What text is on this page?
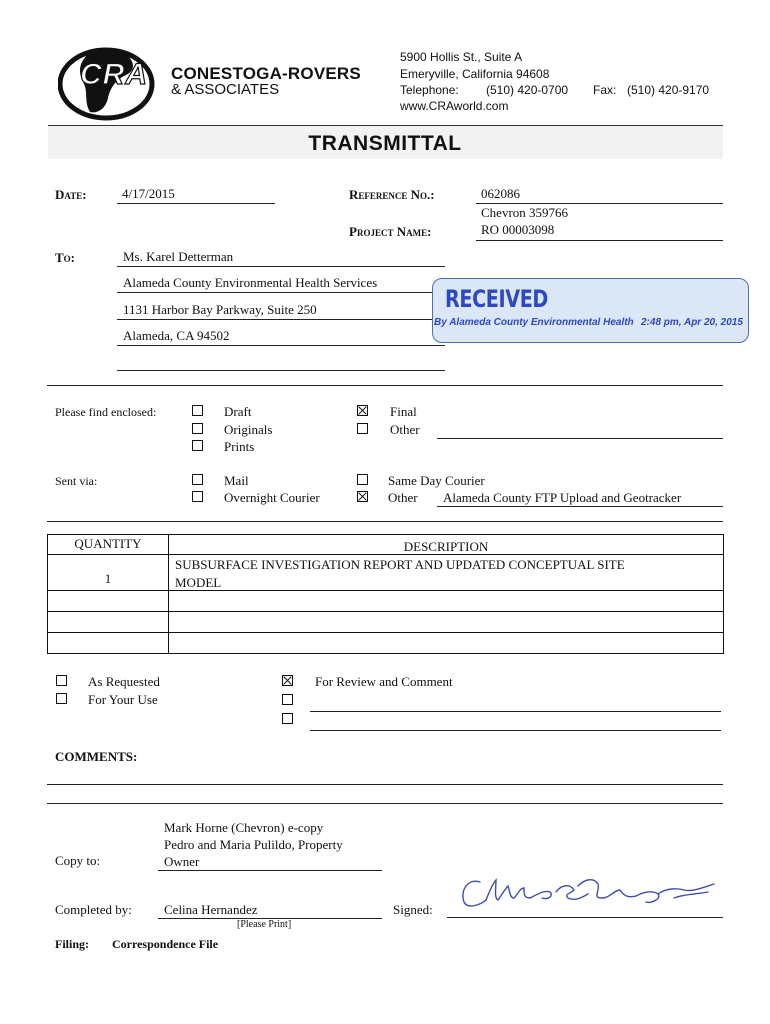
CRA CONESTOGA-ROVERS
& ASSOCIATES
5900 Hollis St., Suite A
Emeryville, California 94608
Telephone: (510) 420-0700 Fax: (510) 420-9170
www.CRAworld.com
TRANSMITTAL
Date:	4/17/2015	Reference No.:	062086
Chevron 359766
Project Name:	RO 00003098
To:	Ms. Karel Detterman
Alameda County Environmental Health Services
1131 Harbor Bay Parkway, Suite 250
Alameda, CA 94502
RECEIVED
By Alameda County Environmental Health 2:48 pm, Apr 20, 2015
Please find enclosed:	Draft
Originals
Prints
Final
Other
Sent via:	Mail
Overnight Courier
Same Day Courier
Other Alameda County FTP Upload and Geotracker
QUANTITY	DESCRIPTION
1	SUBSURFACE INVESTIGATION REPORT AND UPDATED CONCEPTUAL SITE
MODEL

As Requested
For Your Use
For Review and Comment
COMMENTS:
Copy to:
Mark Horne (Chevron) e-copy
Pedro and Maria Pulildo, Property
Owner
Completed by: Celina Hernandez
[Please Print]
Signed:
Filing: Correspondence File
